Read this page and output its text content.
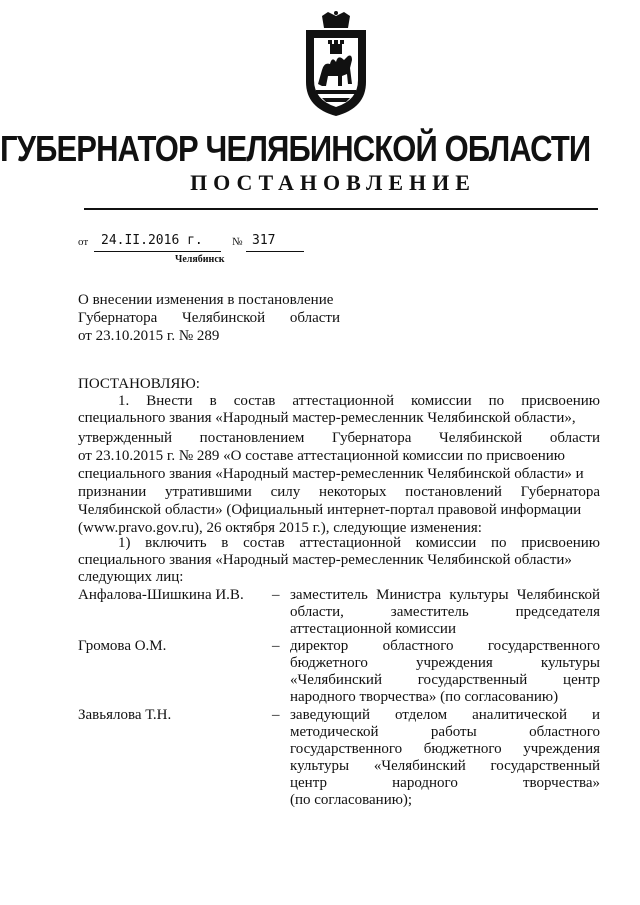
ГУБЕРНАТОР ЧЕЛЯБИНСКОЙ ОБЛАСТИ
ПОСТАНОВЛЕНИЕ
от 24.II.2016 г.	№ 317
Челябинск
О внесении изменения в постановление
Губернатора Челябинской области
от 23.10.2015 г. № 289
ПОСТАНОВЛЯЮ:
1. Внести в состав аттестационной комиссии по присвоению
специального звания «Народный мастер-ремесленник Челябинской области»,
утвержденный постановлением Губернатора Челябинской области
от 23.10.2015 г. № 289 «О составе аттестационной комиссии по присвоению
специального звания «Народный мастер-ремесленник Челябинской области» и
признании утратившими силу некоторых постановлений Губернатора
Челябинской области» (Официальный интернет-портал правовой информации
(www.pravo.gov.ru), 26 октября 2015 г.), следующие изменения:
1) включить в состав аттестационной комиссии по присвоению
специального звания «Народный мастер-ремесленник Челябинской области»
следующих лиц:
Анфалова-Шишкина И.В. – заместитель Министра культуры Челябинской
области, заместитель председателя
аттестационной комиссии
Громова О.М.	– директор областного государственного
бюджетного учреждения культуры
«Челябинский государственный центр
народного творчества» (по согласованию)
Завьялова Т.Н.	– заведующий отделом аналитической и
методической работы областного
государственного бюджетного учреждения
культуры «Челябинский государственный
центр народного творчества»
(по согласованию);
